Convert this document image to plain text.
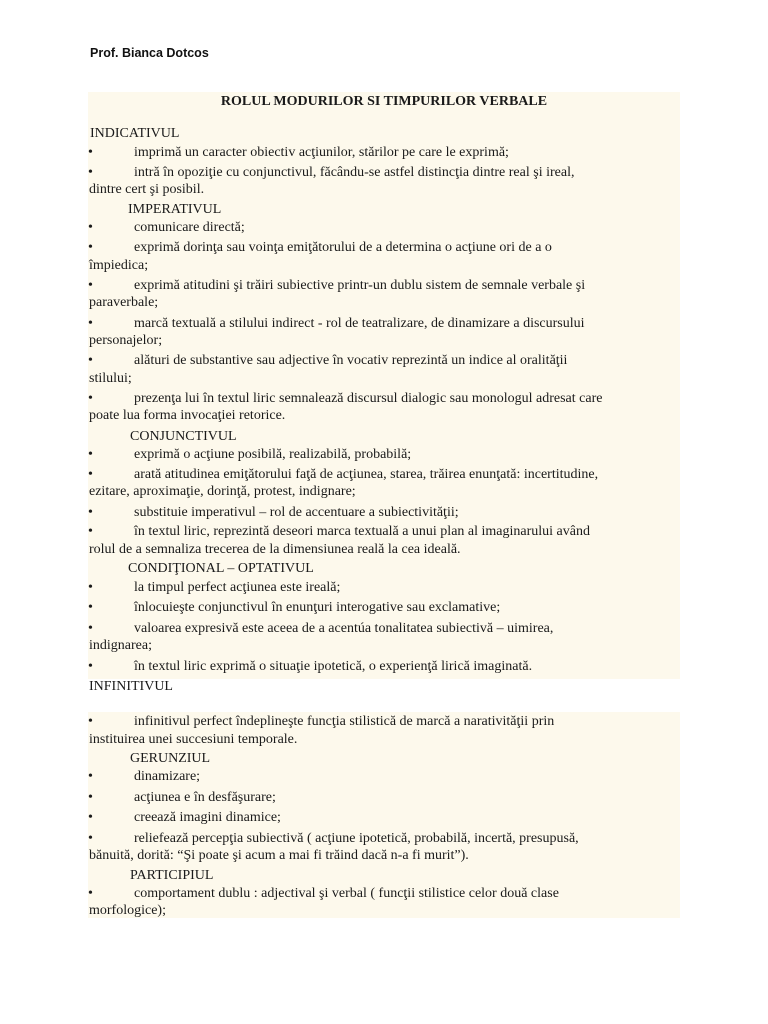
Prof. Bianca Dotcos
ROLUL MODURILOR SI TIMPURILOR VERBALE
INDICATIVUL
•	imprimă un caracter obiectiv acţiunilor, stărilor pe care le exprimă;
•	intră în opoziţie cu conjunctivul, făcându-se astfel distincţia dintre real şi ireal,
dintre cert şi posibil.
IMPERATIVUL
•	comunicare directă;
•	exprimă dorinţa sau voinţa emiţătorului de a determina o acţiune ori de a o
împiedica;
•	exprimă atitudini şi trăiri subiective printr-un dublu sistem de semnale verbale şi
paraverbale;
•	marcă textuală a stilului indirect - rol de teatralizare, de dinamizare a discursului
personajelor;
•	alături de substantive sau adjective în vocativ reprezintă un indice al oralităţii
stilului;
•	prezenţa lui în textul liric semnalează discursul dialogic sau monologul adresat care
poate lua forma invocaţiei retorice.
CONJUNCTIVUL
•	exprimă o acţiune posibilă, realizabilă, probabilă;
•	arată atitudinea emiţătorului faţă de acţiunea, starea, trăirea enunţată: incertitudine,
ezitare, aproximaţie, dorinţă, protest, indignare;
•	substituie imperativul – rol de accentuare a subiectivităţii;
•	în textul liric, reprezintă deseori marca textuală a unui plan al imaginarului având
rolul de a semnaliza trecerea de la dimensiunea reală la cea ideală.
CONDIŢIONAL – OPTATIVUL
•	la timpul perfect acţiunea este ireală;
•	înlocuieşte conjunctivul în enunţuri interogative sau exclamative;
•	valoarea expresivă este aceea de a acentúa tonalitatea subiectivă – uimirea,
indignarea;
•	în textul liric exprimă o situaţie ipotetică, o experienţă lirică imaginată.
INFINITIVUL
•	infinitivul perfect îndeplineşte funcţia stilistică de marcă a narativităţii prin
instituirea unei succesiuni temporale.
GERUNZIUL
•	dinamizare;
•	acţiunea e în desfăşurare;
•	creează imagini dinamice;
•	reliefează percepţia subiectivă ( acţiune ipotetică, probabilă, incertă, presupusă,
bănuită, dorită: “Şi poate şi acum a mai fi trăind dacă n-a fi murit”).
PARTICIPIUL
•	comportament dublu : adjectival şi verbal ( funcţii stilistice celor două clase
morfologice);
